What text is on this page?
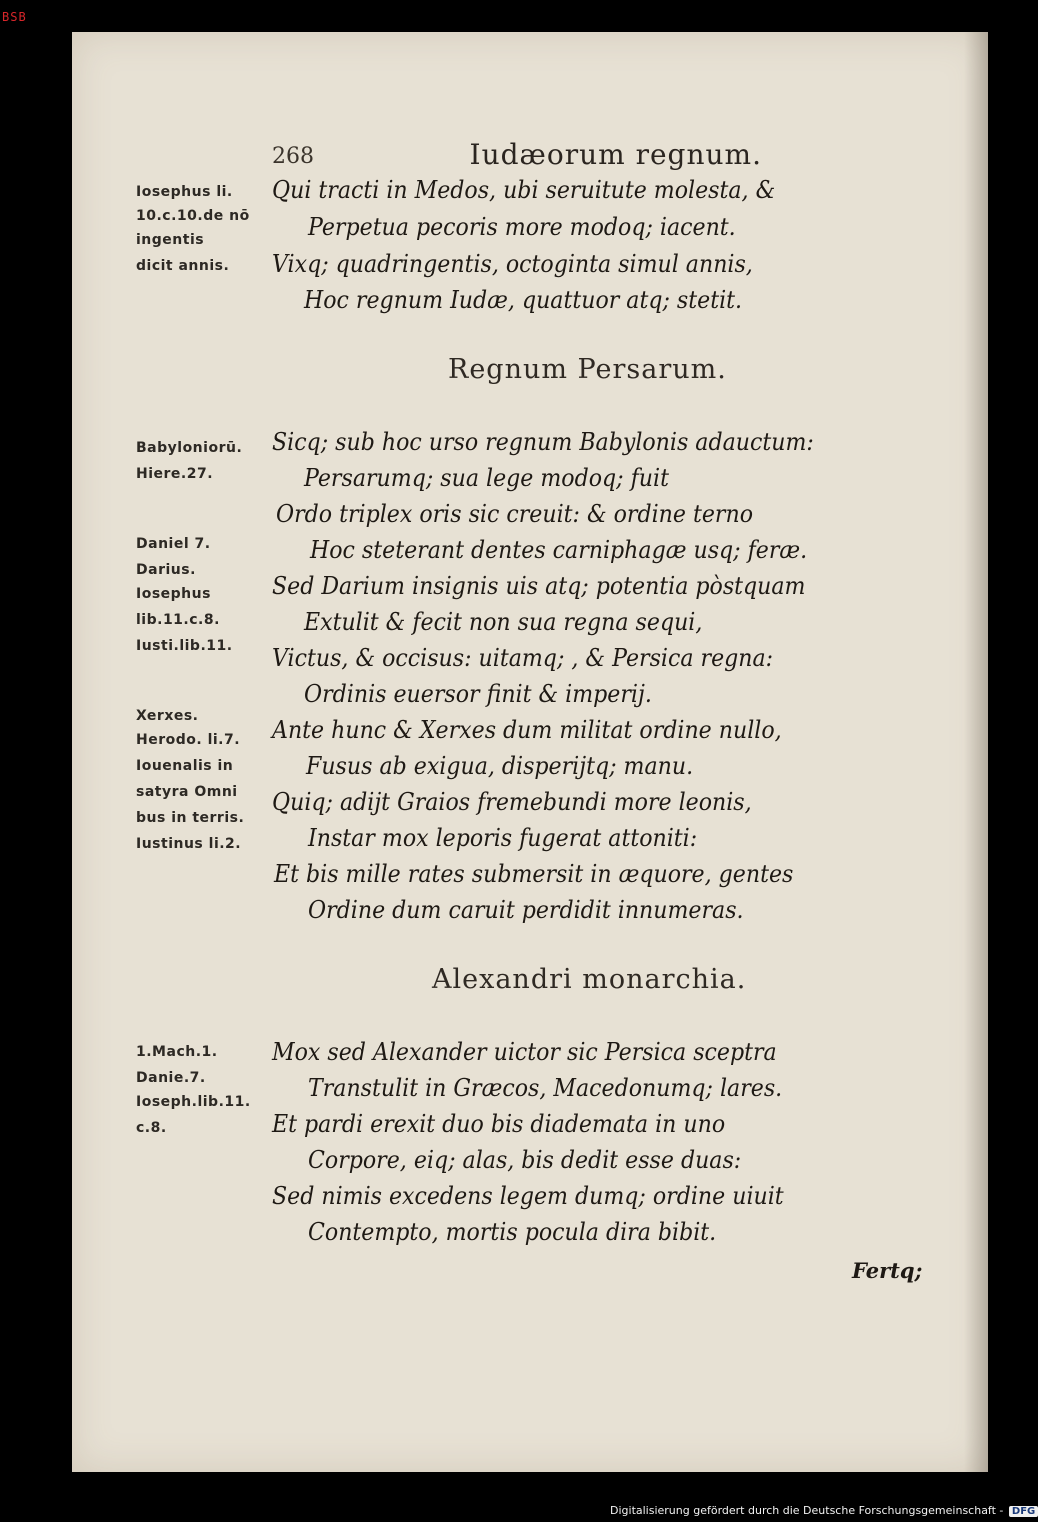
BSB
268	Iudæorum regnum.
Qui tracti in Medos, ubi seruitute molesta, &
Perpetua pecoris more modoq; iacent.
Vixq; quadringentis, octoginta simul annis,
Hoc regnum Iudæ, quattuor atq; stetit.
Regnum Persarum.
Sicq; sub hoc urso regnum Babylonis adauctum:
Persarumq; sua lege modoq; fuit
Ordo triplex oris sic creuit: & ordine terno
Hoc steterant dentes carniphagæ usq; feræ.
Sed Darium insignis uis atq; potentia pòstquam
Extulit & fecit non sua regna sequi,
Victus, & occisus: uitamq; , & Persica regna:
Ordinis euersor finit & imperij.
Ante hunc & Xerxes dum militat ordine nullo,
Fusus ab exigua, disperijtq; manu.
Quiq; adijt Graios fremebundi more leonis,
Instar mox leporis fugerat attoniti:
Et bis mille rates submersit in æquore, gentes
Ordine dum caruit perdidit innumeras.
Alexandri monarchia.
Mox sed Alexander uictor sic Persica sceptra
Transtulit in Græcos, Macedonumq; lares.
Et pardi erexit duo bis diademata in uno
Corpore, eiq; alas, bis dedit esse duas:
Sed nimis excedens legem dumq; ordine uiuit
Contempto, mortis pocula dira bibit.
Iosephus li.
10.c.10.de nō
ingentis
dicit annis.
Babyloniorū.
Hiere.27.
Daniel 7.
Darius.
Iosephus
lib.11.c.8.
Iusti.lib.11.
Xerxes.
Herodo. li.7.
Iouenalis in
satyra Omni
bus in terris.
Iustinus li.2.
1.Mach.1.
Danie.7.
Ioseph.lib.11.
c.8.
Fertq;
Digitalisierung gefördert durch die Deutsche Forschungsgemeinschaft - DFG
